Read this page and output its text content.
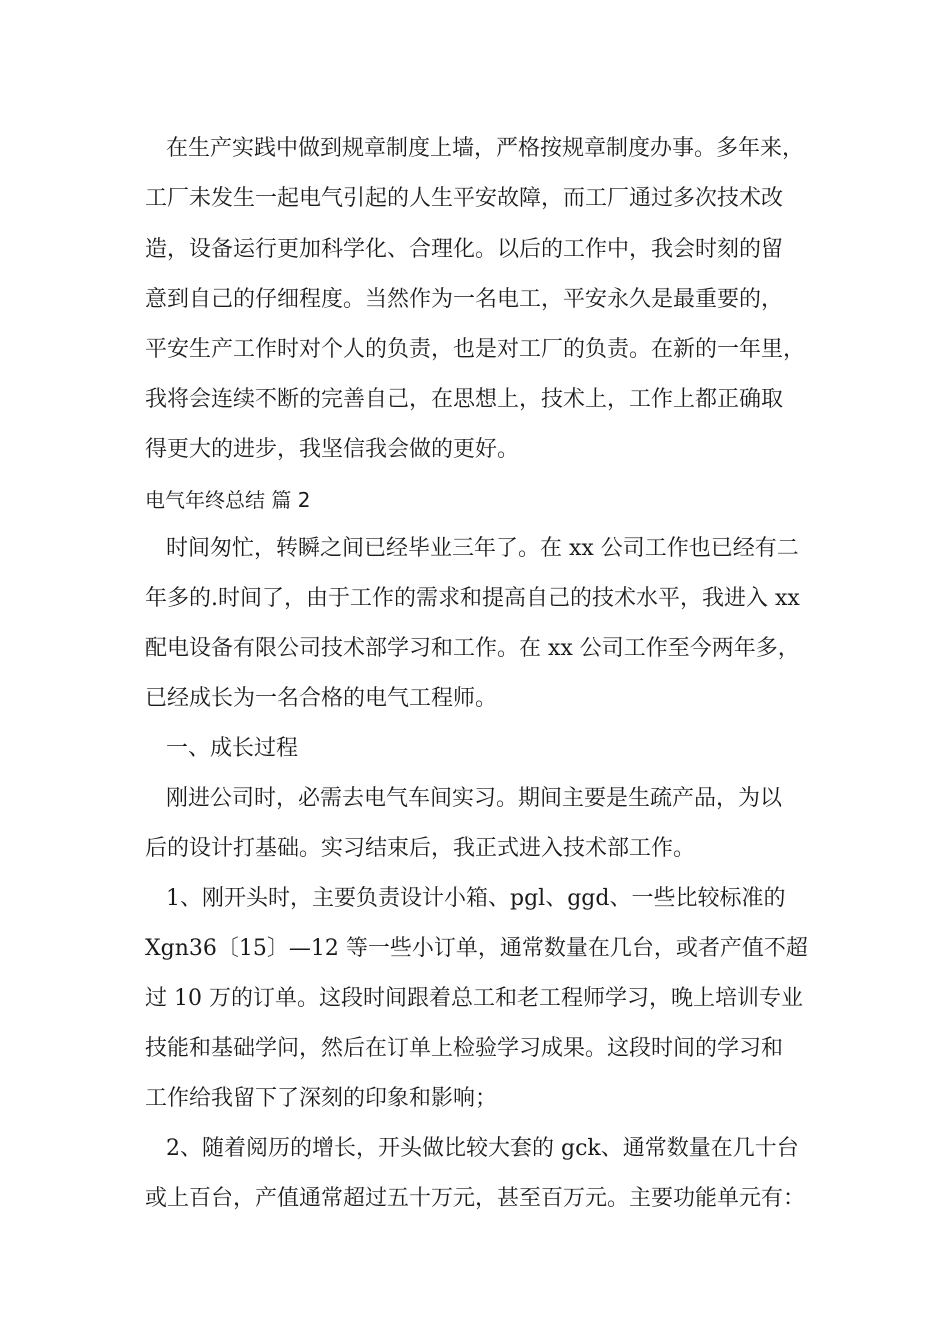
在生产实践中做到规章制度上墙，严格按规章制度办事。多年来，
工厂未发生一起电气引起的人生平安故障，而工厂通过多次技术改
造，设备运行更加科学化、合理化。以后的工作中，我会时刻的留
意到自己的仔细程度。当然作为一名电工，平安永久是最重要的，
平安生产工作时对个人的负责，也是对工厂的负责。在新的一年里，
我将会连续不断的完善自己，在思想上，技术上，工作上都正确取
得更大的进步，我坚信我会做的更好。
电气年终总结 篇 2
时间匆忙，转瞬之间已经毕业三年了。在 xx 公司工作也已经有二
年多的.时间了，由于工作的需求和提高自己的技术水平，我进入 xx
配电设备有限公司技术部学习和工作。在 xx 公司工作至今两年多，
已经成长为一名合格的电气工程师。
一、成长过程
刚进公司时，必需去电气车间实习。期间主要是生疏产品，为以
后的设计打基础。实习结束后，我正式进入技术部工作。
1、刚开头时，主要负责设计小箱、pgl、ggd、一些比较标准的
Xgn36〔15〕—12 等一些小订单，通常数量在几台，或者产值不超
过 10 万的订单。这段时间跟着总工和老工程师学习，晚上培训专业
技能和基础学问，然后在订单上检验学习成果。这段时间的学习和
工作给我留下了深刻的印象和影响；
2、随着阅历的增长，开头做比较大套的 gck、通常数量在几十台
或上百台，产值通常超过五十万元，甚至百万元。主要功能单元有：
